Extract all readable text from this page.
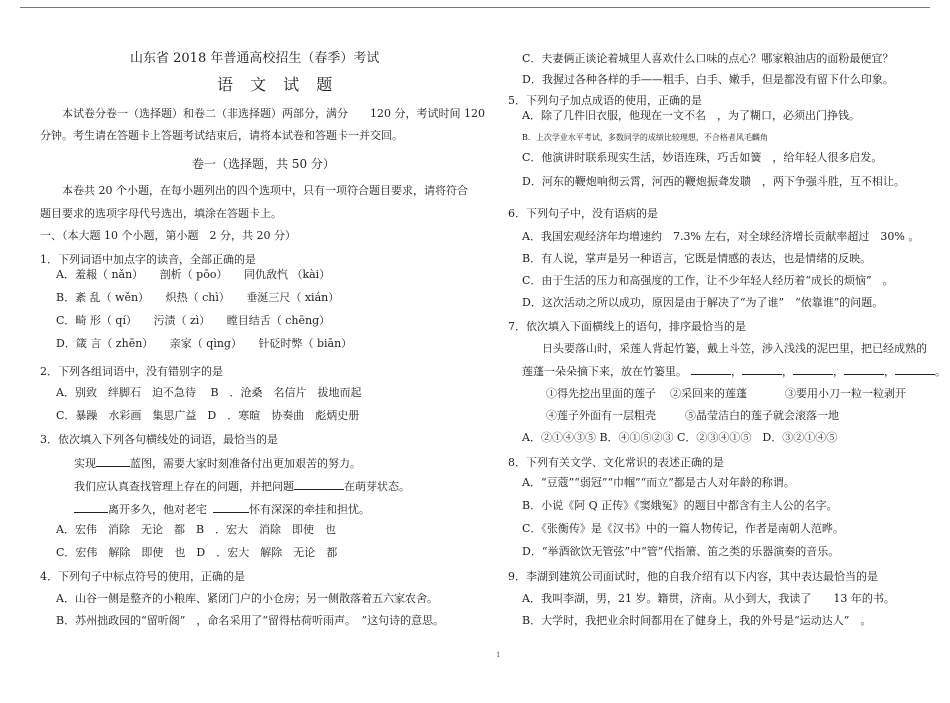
山东省 2018 年普通高校招生（春季）考试
语 文 试 题
本试卷分卷一（选择题）和卷二（非选择题）两部分，满分　　120 分，考试时间 120
分钟。考生请在答题卡上答题考试结束后，请将本试卷和答题卡一并交回。
卷一（选择题，共 50 分）
本卷共 20 个小题，在每小题列出的四个选项中，只有一项符合题目要求，请将符合
题目要求的选项字母代号选出，填涂在答题卡上。
一、（本大题 10 个小题，第小题　2 分，共 20 分）
1．下列词语中加点字的读音，全部正确的是
A．羞赧（ nǎn）　　剖析（ pōo）　　同仇敌忾 （kài）
B．紊 乱（ wěn）　　炽热（ chì）　　垂涎三尺（ xián）
C．畸 形（ qí）　　污渍（ zì）　　瞠目结舌（ chēng）
D．箴 言（ zhēn）　　亲家（ qìng）　　针砭时弊（ biān）
2．下列各组词语中，没有错别字的是
A．别致　绊脚石　迫不急待　 B　．沧桑　名信片　拔地而起
C．暴躁　水彩画　集思广益　D　．寒暄　协奏曲　彪炳史册
3．依次填入下列各句横线处的词语，最恰当的是
实现	蓝图，需要大家时刻准备付出更加艰苦的努力。
我们应认真查找管理上存在的问题，并把问题	在萌芽状态。
离开多久，他对老宅	怀有深深的牵挂和担忧。
A．宏伟　消除　无论　都　B　．宏大　消除　即使　也
C．宏伟　解除　即使　也　D　．宏大　解除　无论　都
4．下列句子中标点符号的使用，正确的是
A．山谷一侧是整齐的小粮库、紧闭门户的小仓房；另一侧散落着五六家农舍。
B．苏州拙政园的“留听阁”　，命名采用了“留得枯荷听雨声。　”这句诗的意思。
C．夫妻俩正谈论着城里人喜欢什么口味的点心？哪家粮油店的面粉最便宜？
D．我握过各种各样的手——粗手、白手、嫩手，但是都没有留下什么印象。
5．下列句子加点成语的使用，正确的是
A．除了几件旧衣服，他现在一文不名　，为了糊口，必须出门挣钱。
B．上次学业水平考试，多数同学的成绩比较理想，不合格者风毛麟角
C．他演讲时联系现实生活，妙语连珠，巧舌如簧　，给年轻人很多启发。
D．河东的鞭炮响彻云霄，河西的鞭炮振聋发聩　，两下争强斗胜，互不相让。
6．下列句子中，没有语病的是
A．我国宏观经济年均增速约　7.3% 左右，对全球经济增长贡献率超过　30% 。
B．有人说，掌声是另一种语言，它既是情感的表达，也是情绪的反映。
C．由于生活的压力和高强度的工作，让不少年轻人经历着“成长的烦恼”　。
D．这次活动之所以成功，原因是由于解决了“为了谁”　“依靠谁”的问题。
7．依次填入下面横线上的语句，排序最恰当的是
日头要落山时，采莲人背起竹篓，戴上斗笠，涉入浅浅的泥巴里，把已经成熟的
莲蓬一朵朵摘下来，放在竹篓里。	，	，	，	，	。
①得先挖出里面的莲子 ②采回来的莲蓬	③要用小刀一粒一粒剥开
④莲子外面有一层粗壳	⑤晶莹洁白的莲子就会滚落一地
A．②①④③⑤ B．④①⑤②③ C．②③④①⑤　D．③②①④⑤
8．下列有关文学、文化常识的表述正确的是
A．“豆蔻”“弱冠”“巾帼”“而立”都是古人对年龄的称谓。
B．小说《阿 Q 正传》《窦娥冤》的题目中都含有主人公的名字。
C．《张衡传》是《汉书》中的一篇人物传记，作者是南朝人范晔。
D．“举酒欲饮无管弦”中“管”代指箫、笛之类的乐器演奏的音乐。
9．李湖到建筑公司面试时，他的自我介绍有以下内容，其中表达最恰当的是
A．我叫李湖，男，21 岁。籍贯，济南。从小到大，我读了　　13 年的书。
B．大学时，我把业余时间都用在了健身上，我的外号是“运动达人”　。
1
